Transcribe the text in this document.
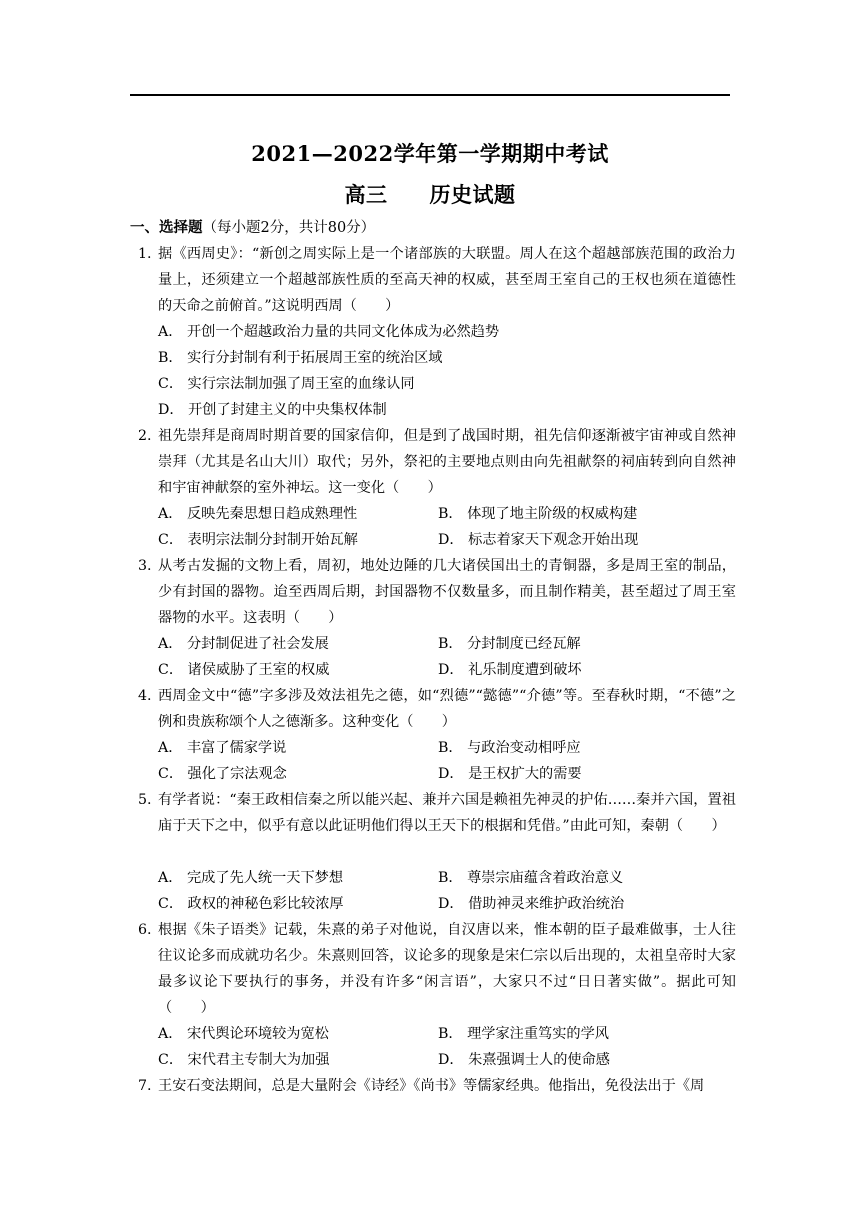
2021—2022学年第一学期期中考试
高三 历史试题
一、选择题（每小题2分，共计80分）
1. 据《西周史》：“新创之周实际上是一个诸部族的大联盟。周人在这个超越部族范围的政治力量上，还须建立一个超越部族性质的至高天神的权威，甚至周王室自己的王权也须在道德性的天命之前俯首。”这说明西周（　　）
A． 开创一个超越政治力量的共同文化体成为必然趋势
B． 实行分封制有利于拓展周王室的统治区域
C． 实行宗法制加强了周王室的血缘认同
D． 开创了封建主义的中央集权体制
2. 祖先崇拜是商周时期首要的国家信仰，但是到了战国时期，祖先信仰逐渐被宇宙神或自然神崇拜（尤其是名山大川）取代；另外，祭祀的主要地点则由向先祖献祭的祠庙转到向自然神和宇宙神献祭的室外神坛。这一变化（　　）
A． 反映先秦思想日趋成熟理性	B． 体现了地主阶级的权威构建
C． 表明宗法制分封制开始瓦解	D． 标志着家天下观念开始出现
3. 从考古发掘的文物上看，周初，地处边陲的几大诸侯国出土的青铜器，多是周王室的制品，少有封国的器物。迨至西周后期，封国器物不仅数量多，而且制作精美，甚至超过了周王室器物的水平。这表明（　　）
A． 分封制促进了社会发展	B． 分封制度已经瓦解
C． 诸侯威胁了王室的权威	D． 礼乐制度遭到破坏
4. 西周金文中“德”字多涉及效法祖先之德，如“烈德”“懿德”“介德”等。至春秋时期，“不德”之例和贵族称颂个人之德渐多。这种变化（　　）
A． 丰富了儒家学说	B． 与政治变动相呼应
C． 强化了宗法观念	D． 是王权扩大的需要
5. 有学者说：“秦王政相信秦之所以能兴起、兼并六国是赖祖先神灵的护佑……秦并六国，置祖庙于天下之中，似乎有意以此证明他们得以王天下的根据和凭借。”由此可知，秦朝（　　）
A． 完成了先人统一天下梦想	B． 尊崇宗庙蕴含着政治意义
C． 政权的神秘色彩比较浓厚	D． 借助神灵来维护政治统治
6. 根据《朱子语类》记载，朱熹的弟子对他说，自汉唐以来，惟本朝的臣子最难做事，士人往往议论多而成就功名少。朱熹则回答，议论多的现象是宋仁宗以后出现的，太祖皇帝时大家最多议论下要执行的事务，并没有许多“闲言语”，大家只不过“日日著实做”。据此可知（　　）
A． 宋代舆论环境较为宽松	B． 理学家注重笃实的学风
C． 宋代君主专制大为加强	D． 朱熹强调士人的使命感
7. 王安石变法期间，总是大量附会《诗经》《尚书》等儒家经典。他指出，免役法出于《周
